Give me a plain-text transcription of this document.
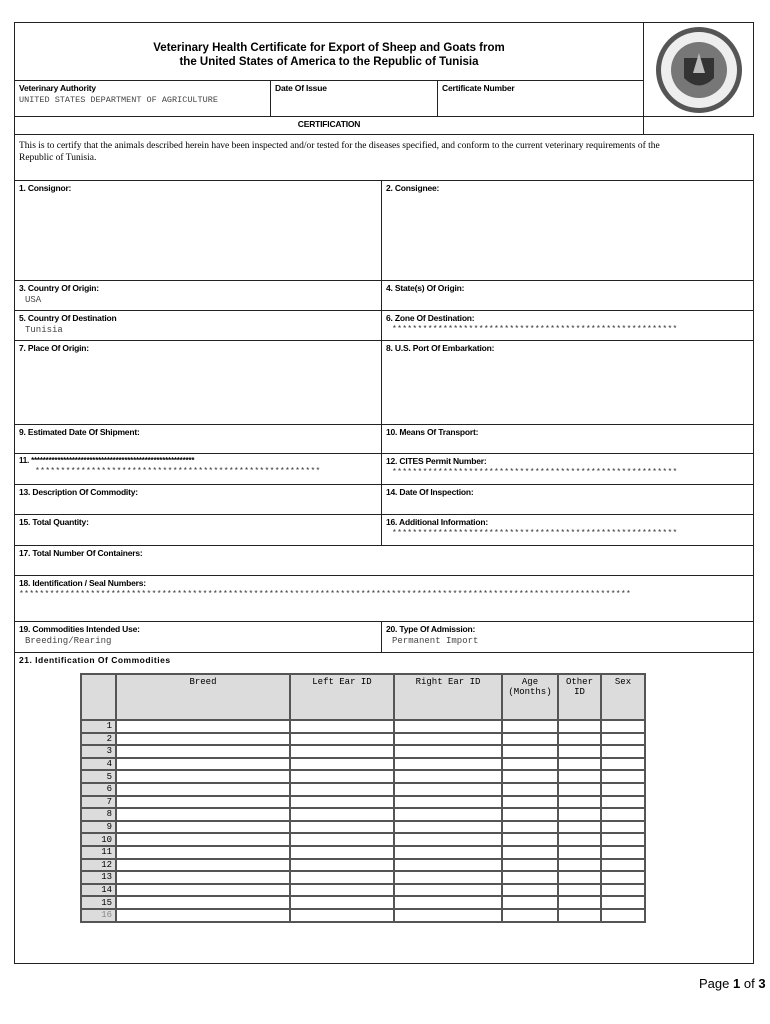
Veterinary Health Certificate for Export of Sheep and Goats from
the United States of America to the Republic of Tunisia
Veterinary Authority
UNITED STATES DEPARTMENT OF AGRICULTURE
Date Of Issue	Certificate Number
CERTIFICATION
This is to certify that the animals described herein have been inspected and/or tested for the diseases specified, and conform to the current veterinary requirements of the Republic of Tunisia.
1. Consignor:	2. Consignee:
3. Country Of Origin:
USA
4. State(s) Of Origin:
5. Country Of Destination
Tunisia
6. Zone Of Destination:
********************************************************
7. Place Of Origin:	8. U.S. Port Of Embarkation:
9. Estimated Date Of Shipment:	10. Means Of Transport:
11. ********************************************************
********************************************************
12. CITES Permit Number:
********************************************************
13. Description Of Commodity:	14. Date Of Inspection:
15. Total Quantity:	16. Additional Information:
********************************************************
17. Total Number Of Containers:
18. Identification / Seal Numbers:
************************************************************************************************************************
19. Commodities Intended Use:
Breeding/Rearing
20. Type Of Admission:
Permanent Import
21. Identification Of Commodities
	Breed	Left Ear ID	Right Ear ID	Age (Months)	Other ID	Sex
1						
2						
3						
4						
5						
6						
7						
8						
9						
10						
11						
12						
13						
14						
15						
16						
Page 1 of 3
